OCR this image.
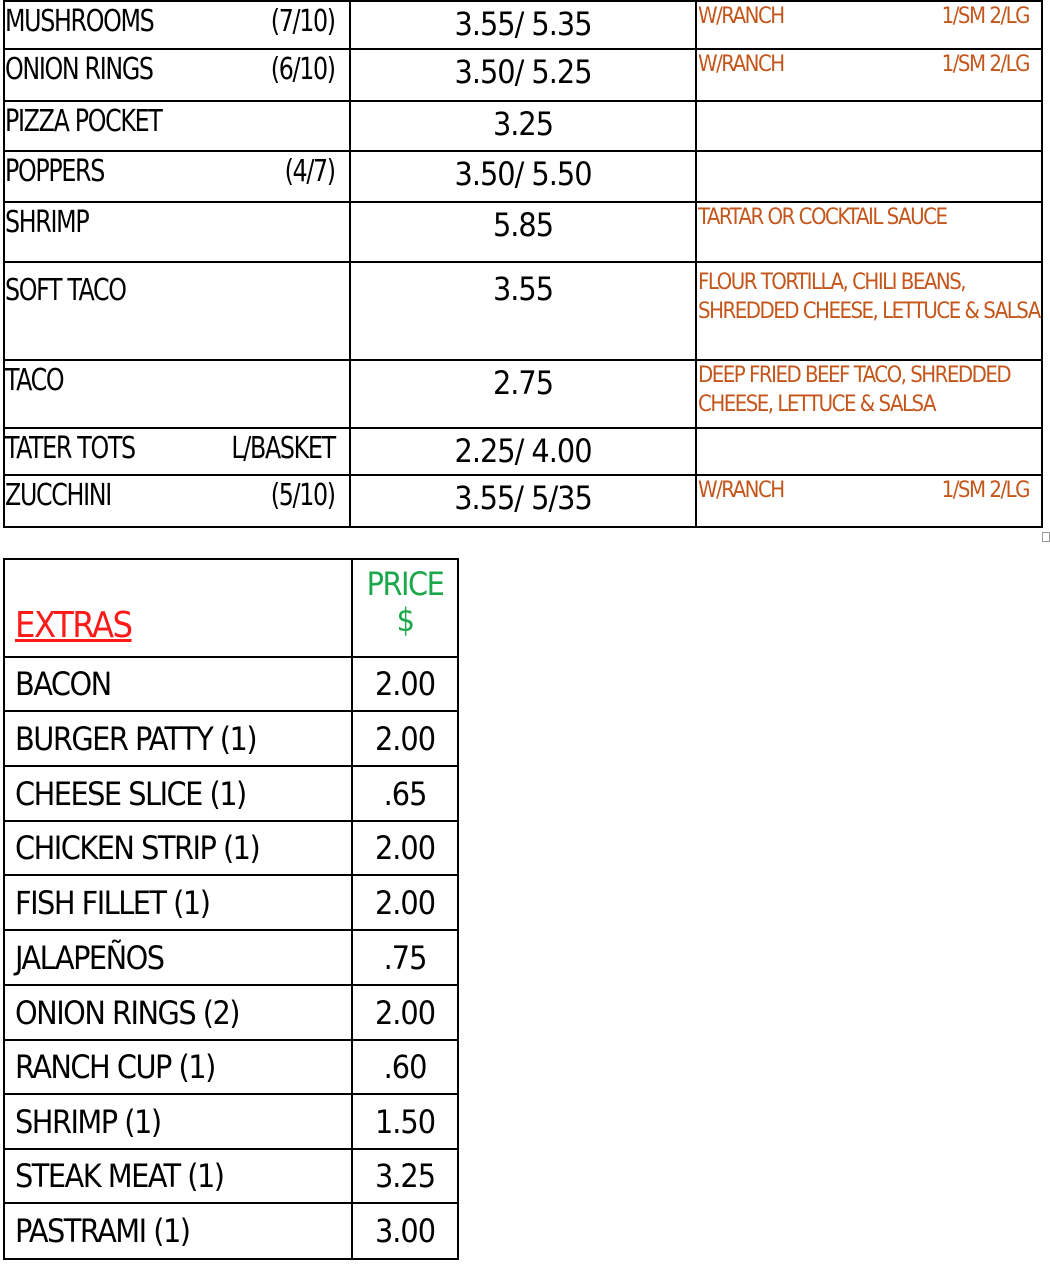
MUSHROOMS (7/10)	3.55/ 5.35	W/RANCH 1/SM 2/LG

ONION RINGS (6/10)	3.50/ 5.25	W/RANCH 1/SM 2/LG

PIZZA POCKET	3.25	

POPPERS (4/7)	3.50/ 5.50	

SHRIMP	5.85	TARTAR OR COCKTAIL SAUCE

SOFT TACO	3.55	FLOUR TORTILLA, CHILI BEANS, SHREDDED CHEESE, LETTUCE & SALSA

TACO	2.75	DEEP FRIED BEEF TACO, SHREDDED CHEESE, LETTUCE & SALSA

TATER TOTS L/BASKET	2.25/ 4.00	

ZUCCHINI (5/10)	3.55/ 5/35	W/RANCH 1/SM 2/LG
EXTRAS	PRICE
$

BACON	2.00

BURGER PATTY (1)	2.00

CHEESE SLICE (1)	.65

CHICKEN STRIP (1)	2.00

FISH FILLET (1)	2.00

JALAPEÑOS	.75

ONION RINGS (2)	2.00

RANCH CUP (1)	.60

SHRIMP (1)	1.50

STEAK MEAT (1)	3.25

PASTRAMI (1)	3.00
